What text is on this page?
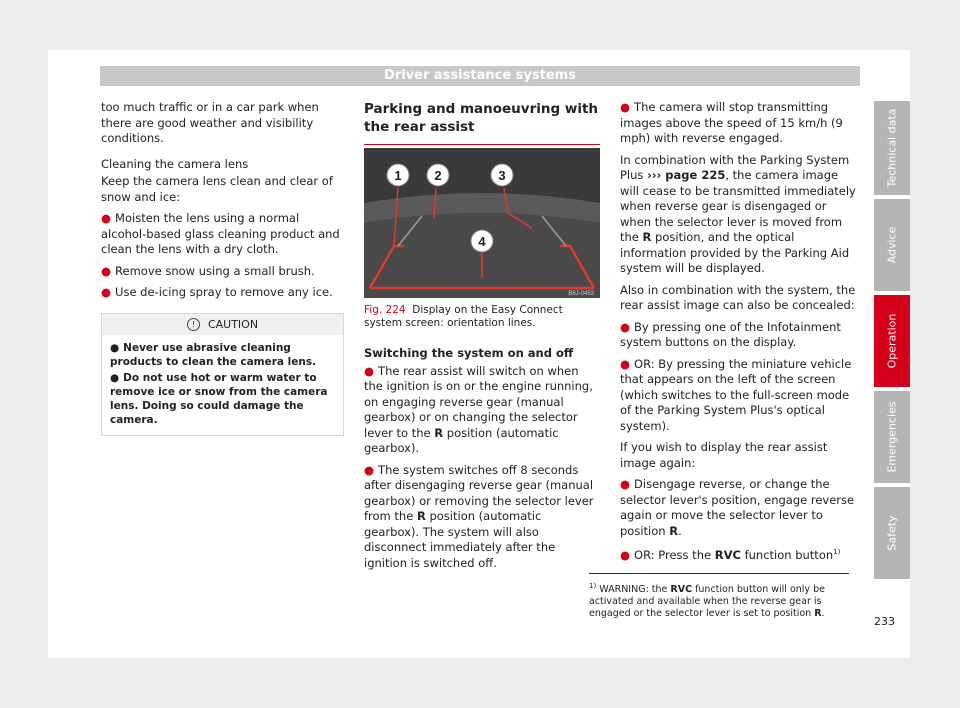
Driver assistance systems

too much traffic or in a car park when there are good weather and visibility conditions.

Cleaning the camera lens

Keep the camera lens clean and clear of snow and ice:

● Moisten the lens using a normal alcohol-based glass cleaning product and clean the lens with a dry cloth.

● Remove snow using a small brush.

● Use de-icing spray to remove any ice.

! CAUTION

● Never use abrasive cleaning products to clean the camera lens.

● Do not use hot or warm water to remove ice or snow from the camera lens. Doing so could damage the camera.

Parking and manoeuvring with the rear assist
1	2	3
4
B6J-0453

Fig. 224 Display on the Easy Connect system screen: orientation lines.

Switching the system on and off

● The rear assist will switch on when the ignition is on or the engine running, on engaging reverse gear (manual gearbox) or on changing the selector lever to the R position (automatic gearbox).

● The system switches off 8 seconds after disengaging reverse gear (manual gearbox) or removing the selector lever from the R position (automatic gearbox). The system will also disconnect immediately after the ignition is switched off.

● The camera will stop transmitting images above the speed of 15 km/h (9 mph) with reverse engaged.

In combination with the Parking System Plus ››› page 225, the camera image will cease to be transmitted immediately when reverse gear is disengaged or when the selector lever is moved from the R position, and the optical information provided by the Parking Aid system will be displayed.

Also in combination with the system, the rear assist image can also be concealed:

● By pressing one of the Infotainment system buttons on the display.

● OR: By pressing the miniature vehicle that appears on the left of the screen (which switches to the full-screen mode of the Parking System Plus's optical system).

If you wish to display the rear assist image again:

● Disengage reverse, or change the selector lever's position, engage reverse again or move the selector lever to position R.

● OR: Press the RVC function button$^{1)}$

$^{1)}$ WARNING: the RVC function button will only be activated and available when the reverse gear is engaged or the selector lever is set to position R.
Technical data
Advice
Operation
Emergencies
Safety
233
